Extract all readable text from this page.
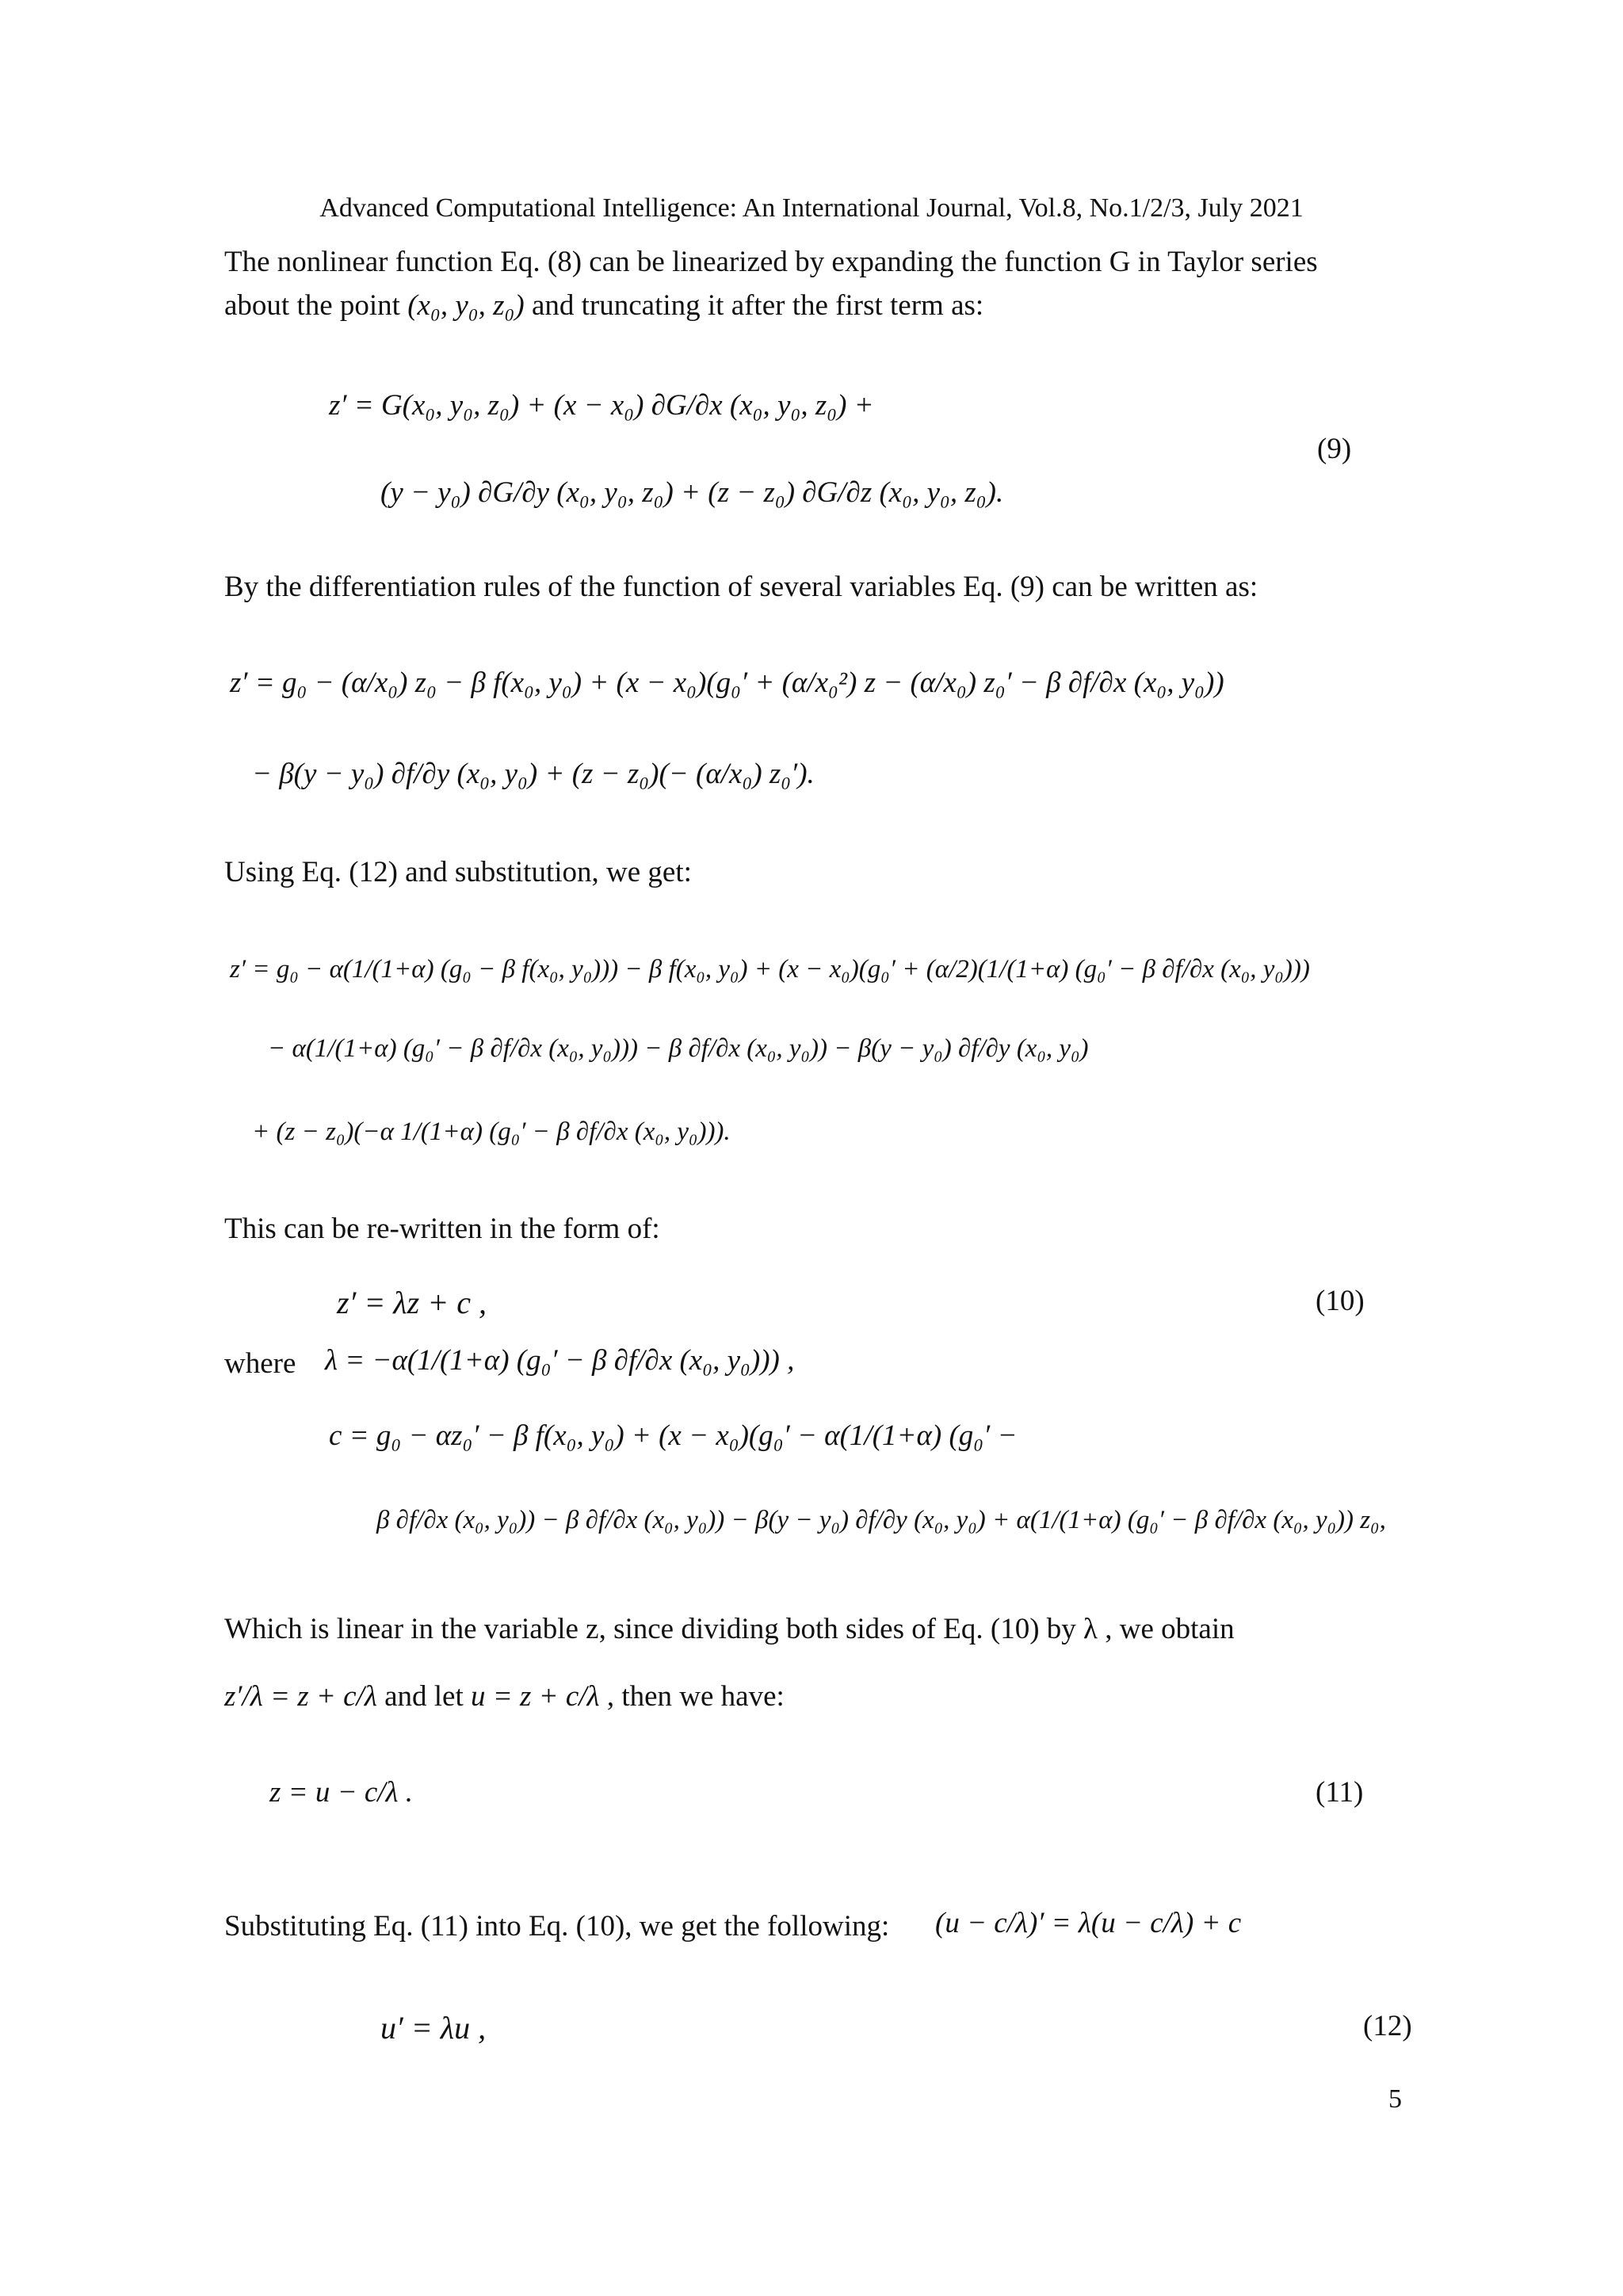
Advanced Computational Intelligence: An International Journal, Vol.8, No.1/2/3, July 2021
The nonlinear function Eq. (8) can be linearized by expanding the function G in Taylor series
about the point (x₀, y₀, z₀) and truncating it after the first term as:
z′ = G(x₀, y₀, z₀) + (x − x₀) ∂G/∂x (x₀, y₀, z₀) +
(y − y₀) ∂G/∂y (x₀, y₀, z₀) + (z − z₀) ∂G/∂z (x₀, y₀, z₀).
(9)
By the differentiation rules of the function of several variables Eq. (9) can be written as:
z′ = g₀ − (α/x₀) z₀ − β f(x₀, y₀) + (x − x₀)(g₀′ + (α/x₀²) z − (α/x₀) z₀′ − β ∂f/∂x (x₀, y₀))
− β(y − y₀) ∂f/∂y (x₀, y₀) + (z − z₀)(− (α/x₀) z₀′).
Using Eq. (12) and substitution, we get:
z′ = g₀ − α(1/(1+α) (g₀ − β f(x₀, y₀))) − β f(x₀, y₀) + (x − x₀)(g₀′ + (α/2)(1/(1+α) (g₀′ − β ∂f/∂x (x₀, y₀)))
− α(1/(1+α) (g₀′ − β ∂f/∂x (x₀, y₀))) − β ∂f/∂x (x₀, y₀)) − β(y − y₀) ∂f/∂y (x₀, y₀)
+ (z − z₀)(−α 1/(1+α) (g₀′ − β ∂f/∂x (x₀, y₀))).
This can be re-written in the form of:
z′ = λz + c ,	(10)
where λ = −α(1/(1+α) (g₀′ − β ∂f/∂x (x₀, y₀))) ,
c = g₀ − αz₀′ − β f(x₀, y₀) + (x − x₀)(g₀′ − α(1/(1+α) (g₀′ −
β ∂f/∂x (x₀, y₀)) − β ∂f/∂x (x₀, y₀)) − β(y − y₀) ∂f/∂y (x₀, y₀) + α(1/(1+α) (g₀′ − β ∂f/∂x (x₀, y₀)) z₀,
Which is linear in the variable z, since dividing both sides of Eq. (10) by λ , we obtain
z′/λ = z + c/λ and let u = z + c/λ , then we have:
z = u − c/λ .	(11)
Substituting Eq. (11) into Eq. (10), we get the following:	(u − c/λ)′ = λ(u − c/λ) + c
u′ = λu ,	(12)
5
